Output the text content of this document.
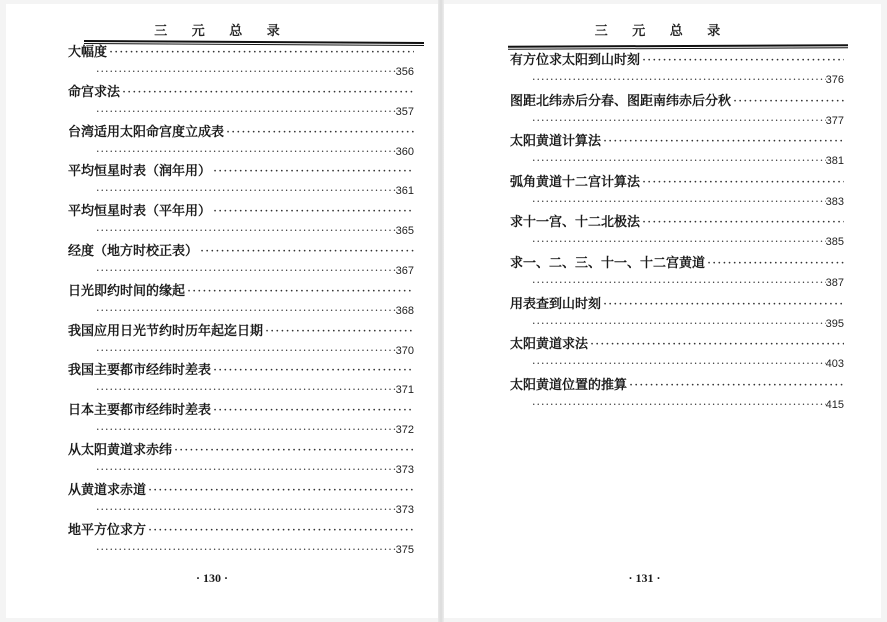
三 元 总 录
大幅度
·····
·····
356
命宫求法
·····
·····
357
台湾适用太阳命宫度立成表
·····
·····
360
平均恒星时表（润年用）
·····
·····
361
平均恒星时表（平年用）
·····
·····
365
经度（地方时校正表）
·····
·····
367
日光即约时间的缘起
·····
·····
368
我国应用日光节约时历年起迄日期
·····
·····
370
我国主要都市经纬时差表
·····
·····
371
日本主要都市经纬时差表
·····
·····
372
从太阳黄道求赤纬
·····
·····
373
从黄道求赤道
·····
·····
373
地平方位求方
·····
·····
375
· 130 ·
三 元 总 录
有方位求太阳到山时刻
·····
·····
376
图距北纬赤后分春、图距南纬赤后分秋
·····
·····
377
太阳黄道计算法
·····
·····
381
弧角黄道十二宫计算法
·····
·····
383
求十一宫、十二北极法
·····
·····
385
求一、二、三、十一、十二宫黄道
·····
·····
387
用表查到山时刻
·····
·····
395
太阳黄道求法
·····
·····
403
太阳黄道位置的推算
·····
·····
415
· 131 ·
